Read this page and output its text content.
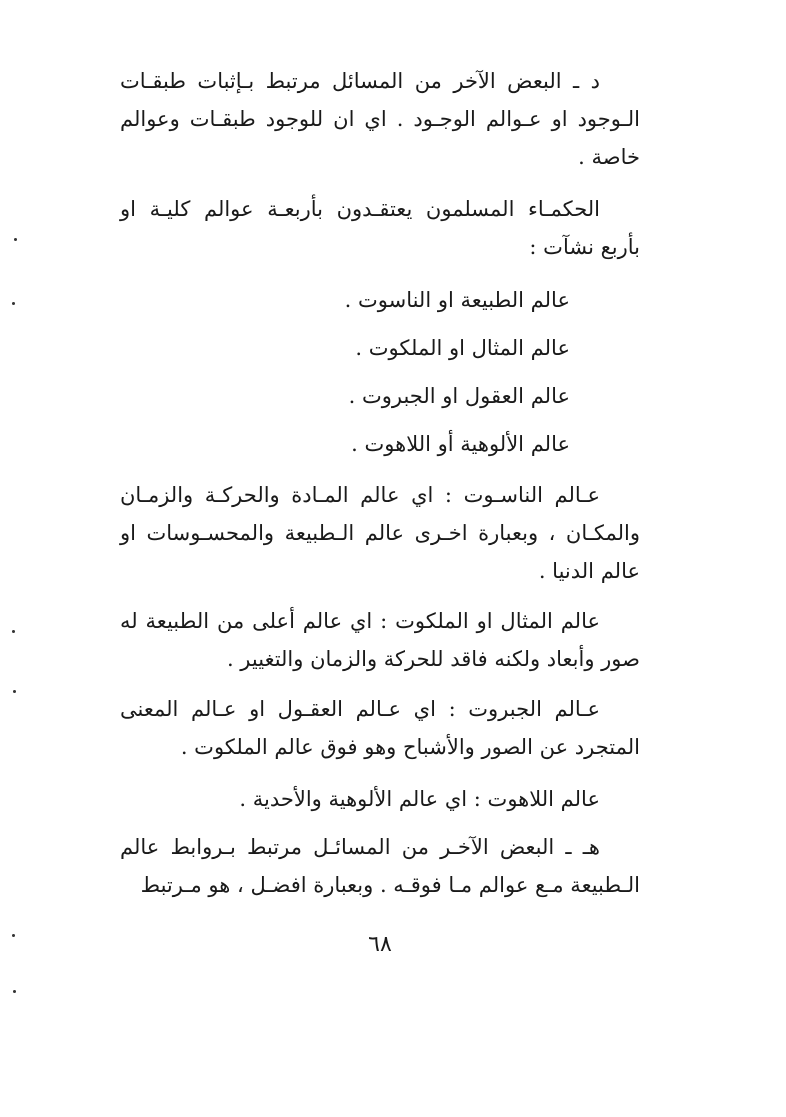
د ـ البعض الآخر من المسائل مرتبط بـإثبات طبقـات الـوجود او عـوالم الوجـود . اي ان للوجود طبقـات وعوالم خاصة .

الحكمـاء المسلمون يعتقـدون بأربعـة عوالم كليـة او بأربع نشآت :

عالم الطبيعة او الناسوت .

عالم المثال او الملكوت .

عالم العقول او الجبروت .

عالم الألوهية أو اللاهوت .

عـالم الناسـوت : اي عالم المـادة والحركـة والزمـان والمكـان ، وبعبارة اخـرى عالم الـطبيعة والمحسـوسات او عالم الدنيا .

عالم المثال او الملكوت : اي عالم أعلى من الطبيعة له صور وأبعاد ولكنه فاقد للحركة والزمان والتغيير .

عـالم الجبروت : اي عـالم العقـول او عـالم المعنى المتجرد عن الصور والأشباح وهو فوق عالم الملكوت .

عالم اللاهوت : اي عالم الألوهية والأحدية .

هـ ـ البعض الآخـر من المسائـل مرتبط بـروابط عالم الـطبيعة مـع عوالم مـا فوقـه . وبعبارة افضـل ، هو مـرتبط

٦٨
